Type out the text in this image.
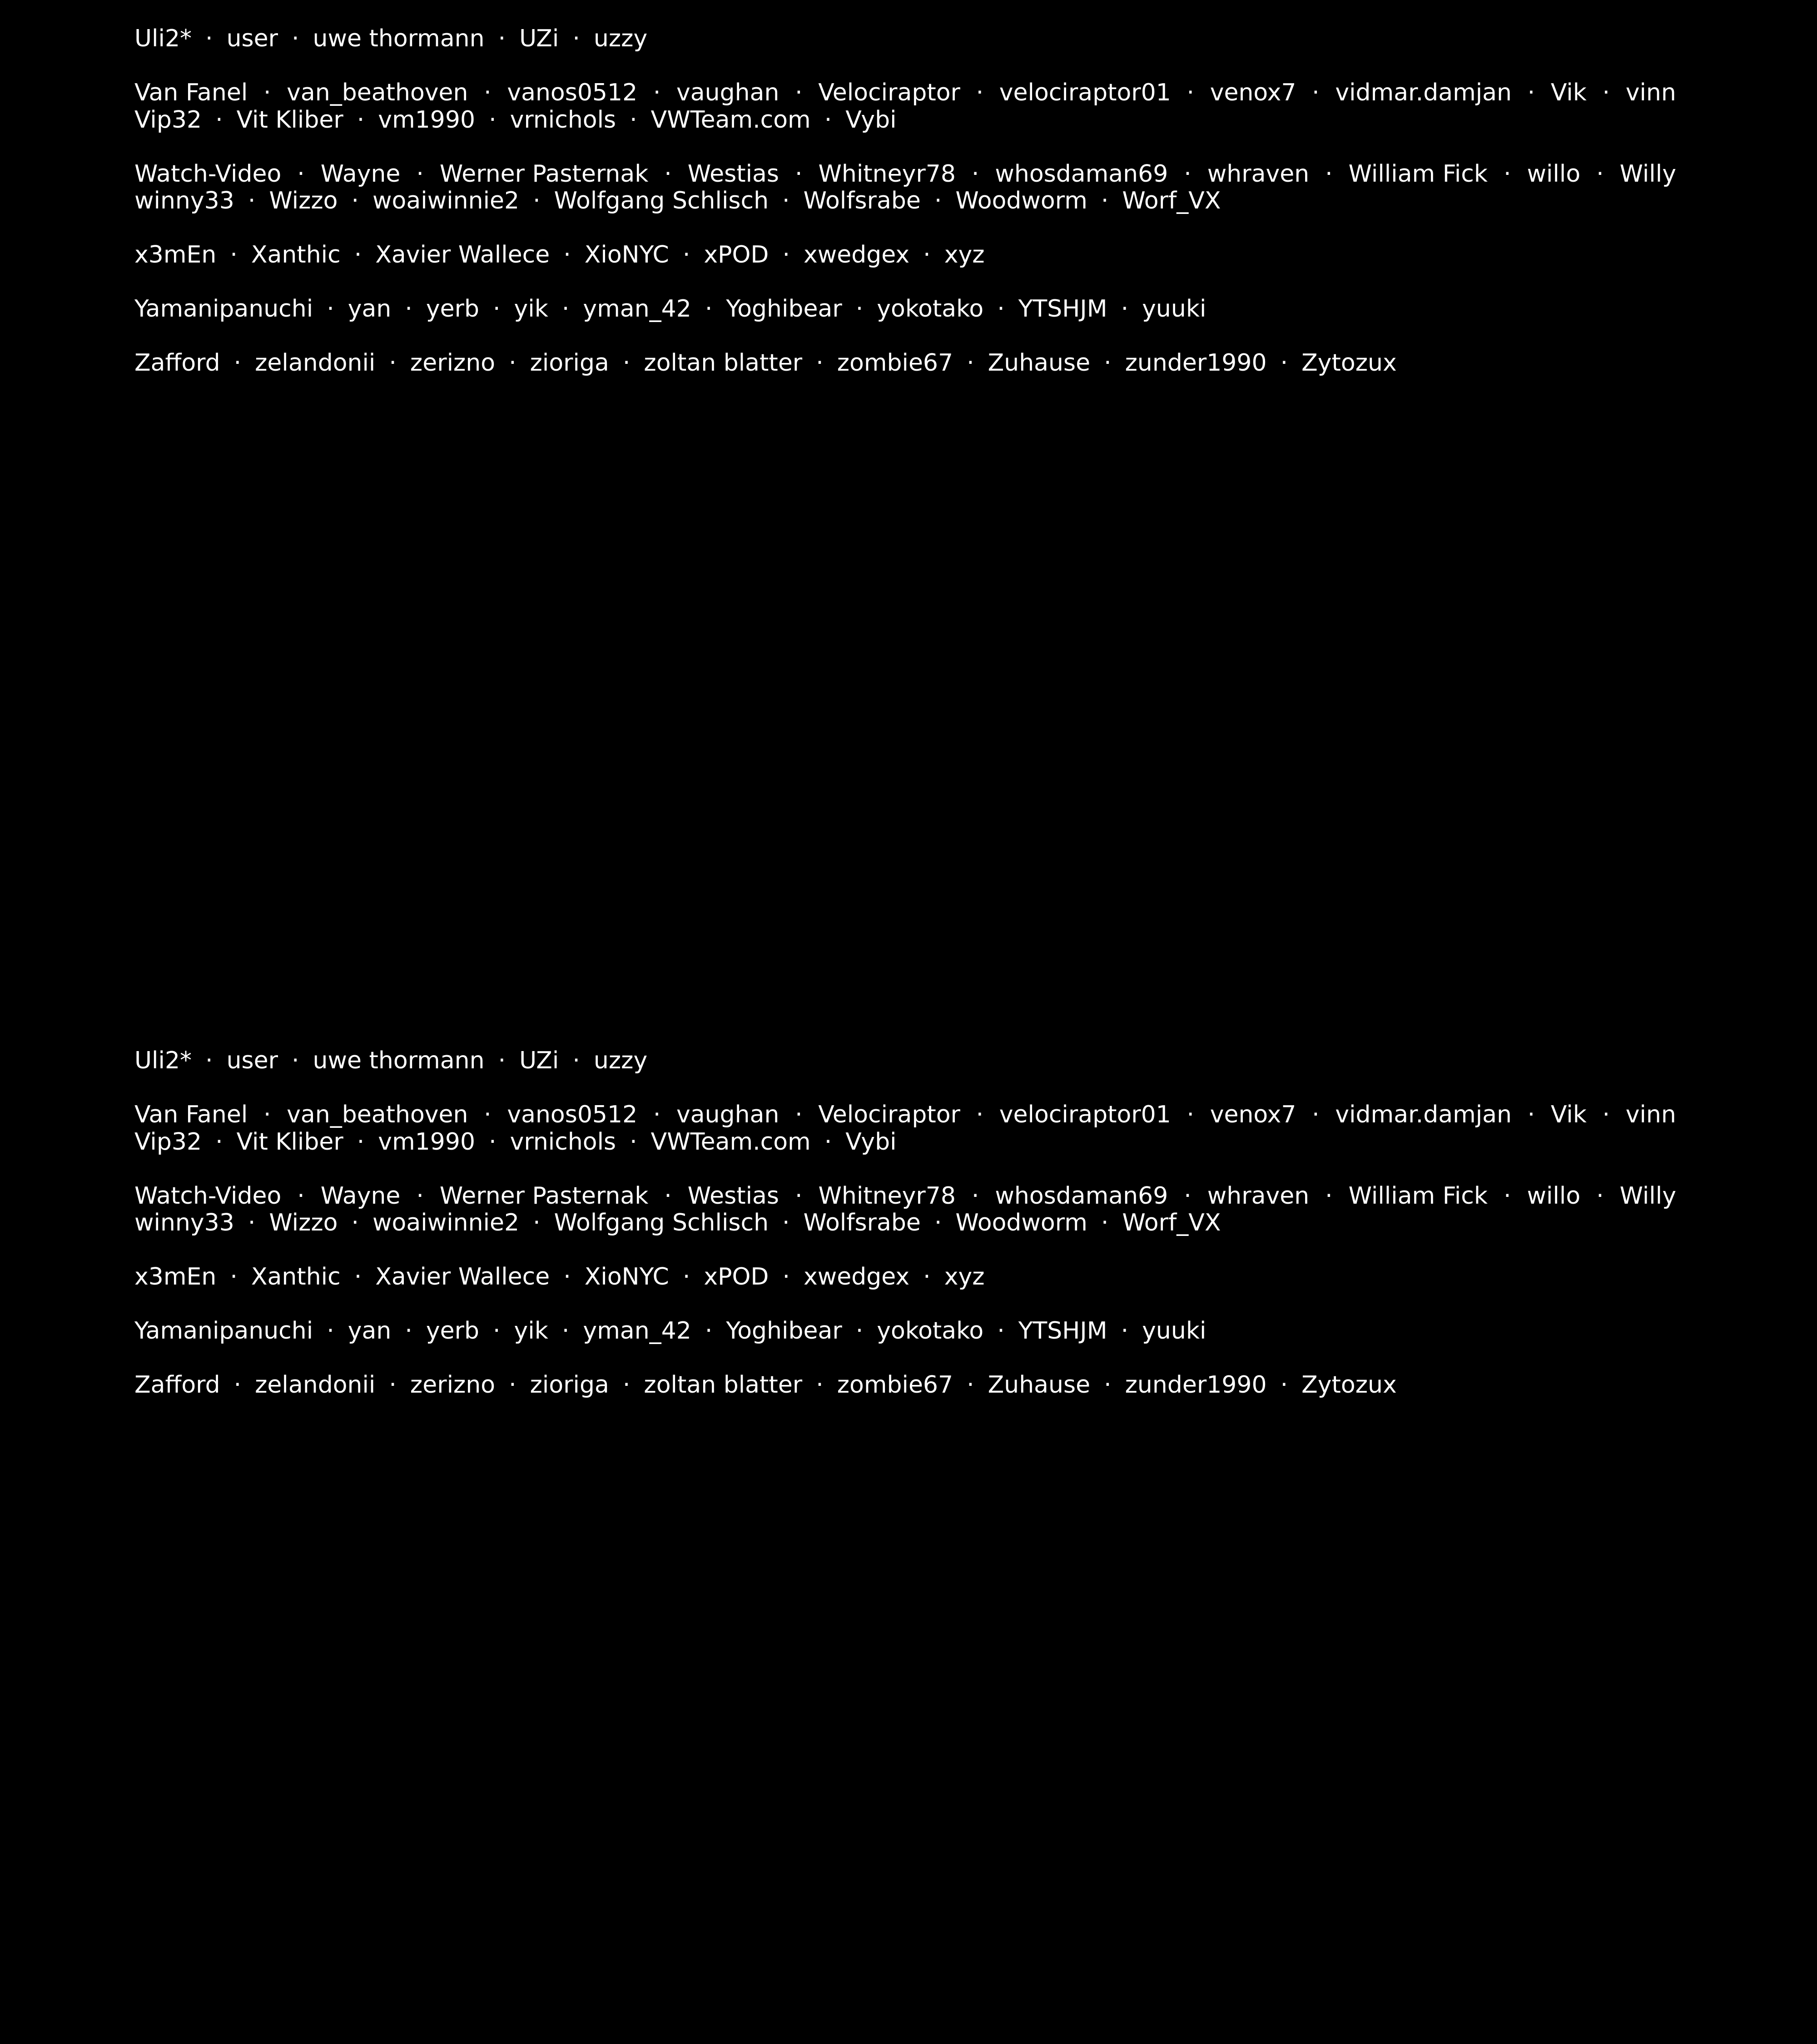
Uli2* · user · uwe thormann · UZi · uzzy
Van Fanel · van_beathoven · vanos0512 · vaughan · Velociraptor · velociraptor01 · venox7 · vidmar.damjan · Vik · vinn
Vip32 · Vit Kliber · vm1990 · vrnichols · VWTeam.com · Vybi
Watch-Video · Wayne · Werner Pasternak · Westias · Whitneyr78 · whosdaman69 · whraven · William Fick · willo · Willy
winny33 · Wizzo · woaiwinnie2 · Wolfgang Schlisch · Wolfsrabe · Woodworm · Worf_VX
x3mEn · Xanthic · Xavier Wallece · XioNYC · xPOD · xwedgex · xyz
Yamanipanuchi · yan · yerb · yik · yman_42 · Yoghibear · yokotako · YTSHJM · yuuki
Zafford · zelandonii · zerizno · zioriga · zoltan blatter · zombie67 · Zuhause · zunder1990 · Zytozux
Uli2* · user · uwe thormann · UZi · uzzy
Van Fanel · van_beathoven · vanos0512 · vaughan · Velociraptor · velociraptor01 · venox7 · vidmar.damjan · Vik · vinn
Vip32 · Vit Kliber · vm1990 · vrnichols · VWTeam.com · Vybi
Watch-Video · Wayne · Werner Pasternak · Westias · Whitneyr78 · whosdaman69 · whraven · William Fick · willo · Willy
winny33 · Wizzo · woaiwinnie2 · Wolfgang Schlisch · Wolfsrabe · Woodworm · Worf_VX
x3mEn · Xanthic · Xavier Wallece · XioNYC · xPOD · xwedgex · xyz
Yamanipanuchi · yan · yerb · yik · yman_42 · Yoghibear · yokotako · YTSHJM · yuuki
Zafford · zelandonii · zerizno · zioriga · zoltan blatter · zombie67 · Zuhause · zunder1990 · Zytozux
